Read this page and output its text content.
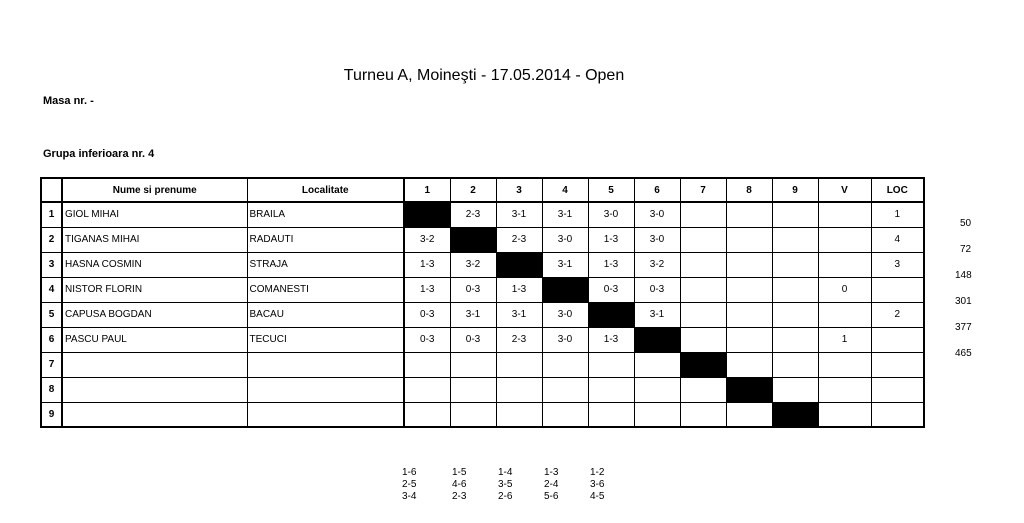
Turneu A, Moineşti - 17.05.2014 - Open
Masa nr. -
Grupa inferioara nr. 4
	Nume si prenume	Localitate	1	2	3	4	5	6	7	8	9	V	LOC
1	GIOL MIHAI	BRAILA		2-3	3-1	3-1	3-0	3-0					1
2	TIGANAS MIHAI	RADAUTI	3-2		2-3	3-0	1-3	3-0					4
3	HASNA COSMIN	STRAJA	1-3	3-2		3-1	1-3	3-2					3
4	NISTOR FLORIN	COMANESTI	1-3	0-3	1-3		0-3	0-3				0	
5	CAPUSA BOGDAN	BACAU	0-3	3-1	3-1	3-0		3-1					2
6	PASCU PAUL	TECUCI	0-3	0-3	2-3	3-0	1-3					1	
7													
8													
9													
50
72
148
301
377
465
1-6
2-5
3-4
1-5
4-6
2-3
1-4
3-5
2-6
1-3
2-4
5-6
1-2
3-6
4-5
